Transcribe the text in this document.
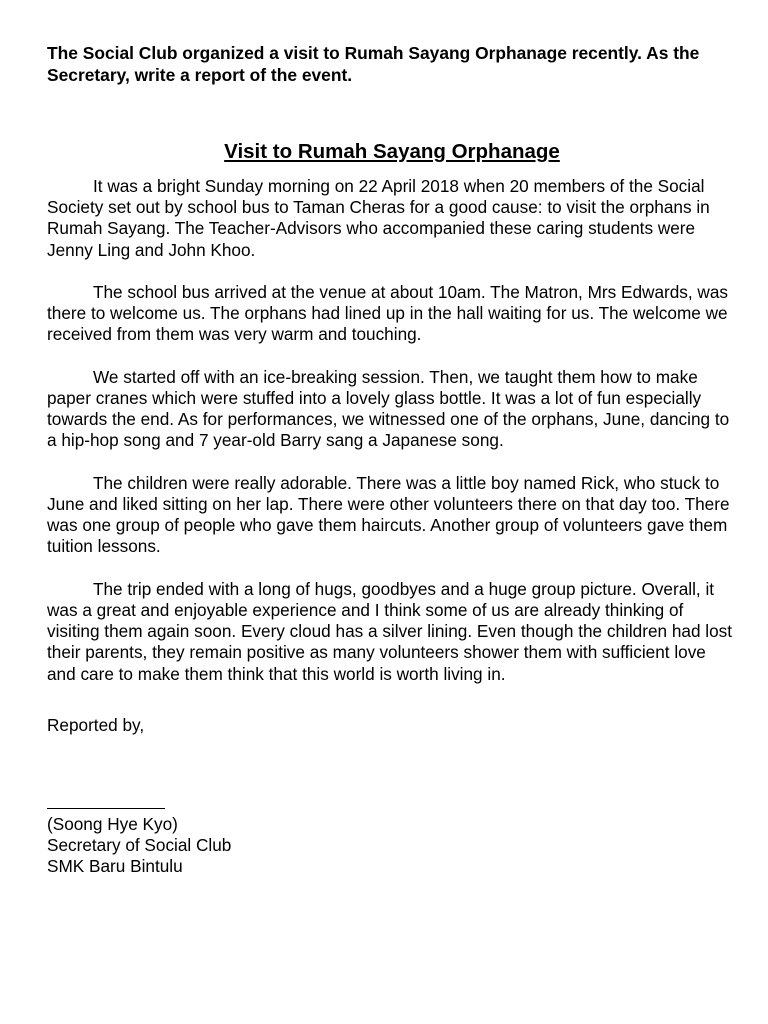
The Social Club organized a visit to Rumah Sayang Orphanage recently. As the Secretary, write a report of the event.

Visit to Rumah Sayang Orphanage

It was a bright Sunday morning on 22 April 2018 when 20 members of the Social Society set out by school bus to Taman Cheras for a good cause: to visit the orphans in Rumah Sayang. The Teacher-Advisors who accompanied these caring students were Jenny Ling and John Khoo.

The school bus arrived at the venue at about 10am. The Matron, Mrs Edwards, was there to welcome us. The orphans had lined up in the hall waiting for us. The welcome we received from them was very warm and touching.

We started off with an ice-breaking session. Then, we taught them how to make paper cranes which were stuffed into a lovely glass bottle. It was a lot of fun especially towards the end. As for performances, we witnessed one of the orphans, June, dancing to a hip-hop song and 7 year-old Barry sang a Japanese song.

The children were really adorable. There was a little boy named Rick, who stuck to June and liked sitting on her lap. There were other volunteers there on that day too. There was one group of people who gave them haircuts. Another group of volunteers gave them tuition lessons.

The trip ended with a long of hugs, goodbyes and a huge group picture. Overall, it was a great and enjoyable experience and I think some of us are already thinking of visiting them again soon. Every cloud has a silver lining. Even though the children had lost their parents, they remain positive as many volunteers shower them with sufficient love and care to make them think that this world is worth living in.

Reported by,

(Soong Hye Kyo)
Secretary of Social Club
SMK Baru Bintulu
